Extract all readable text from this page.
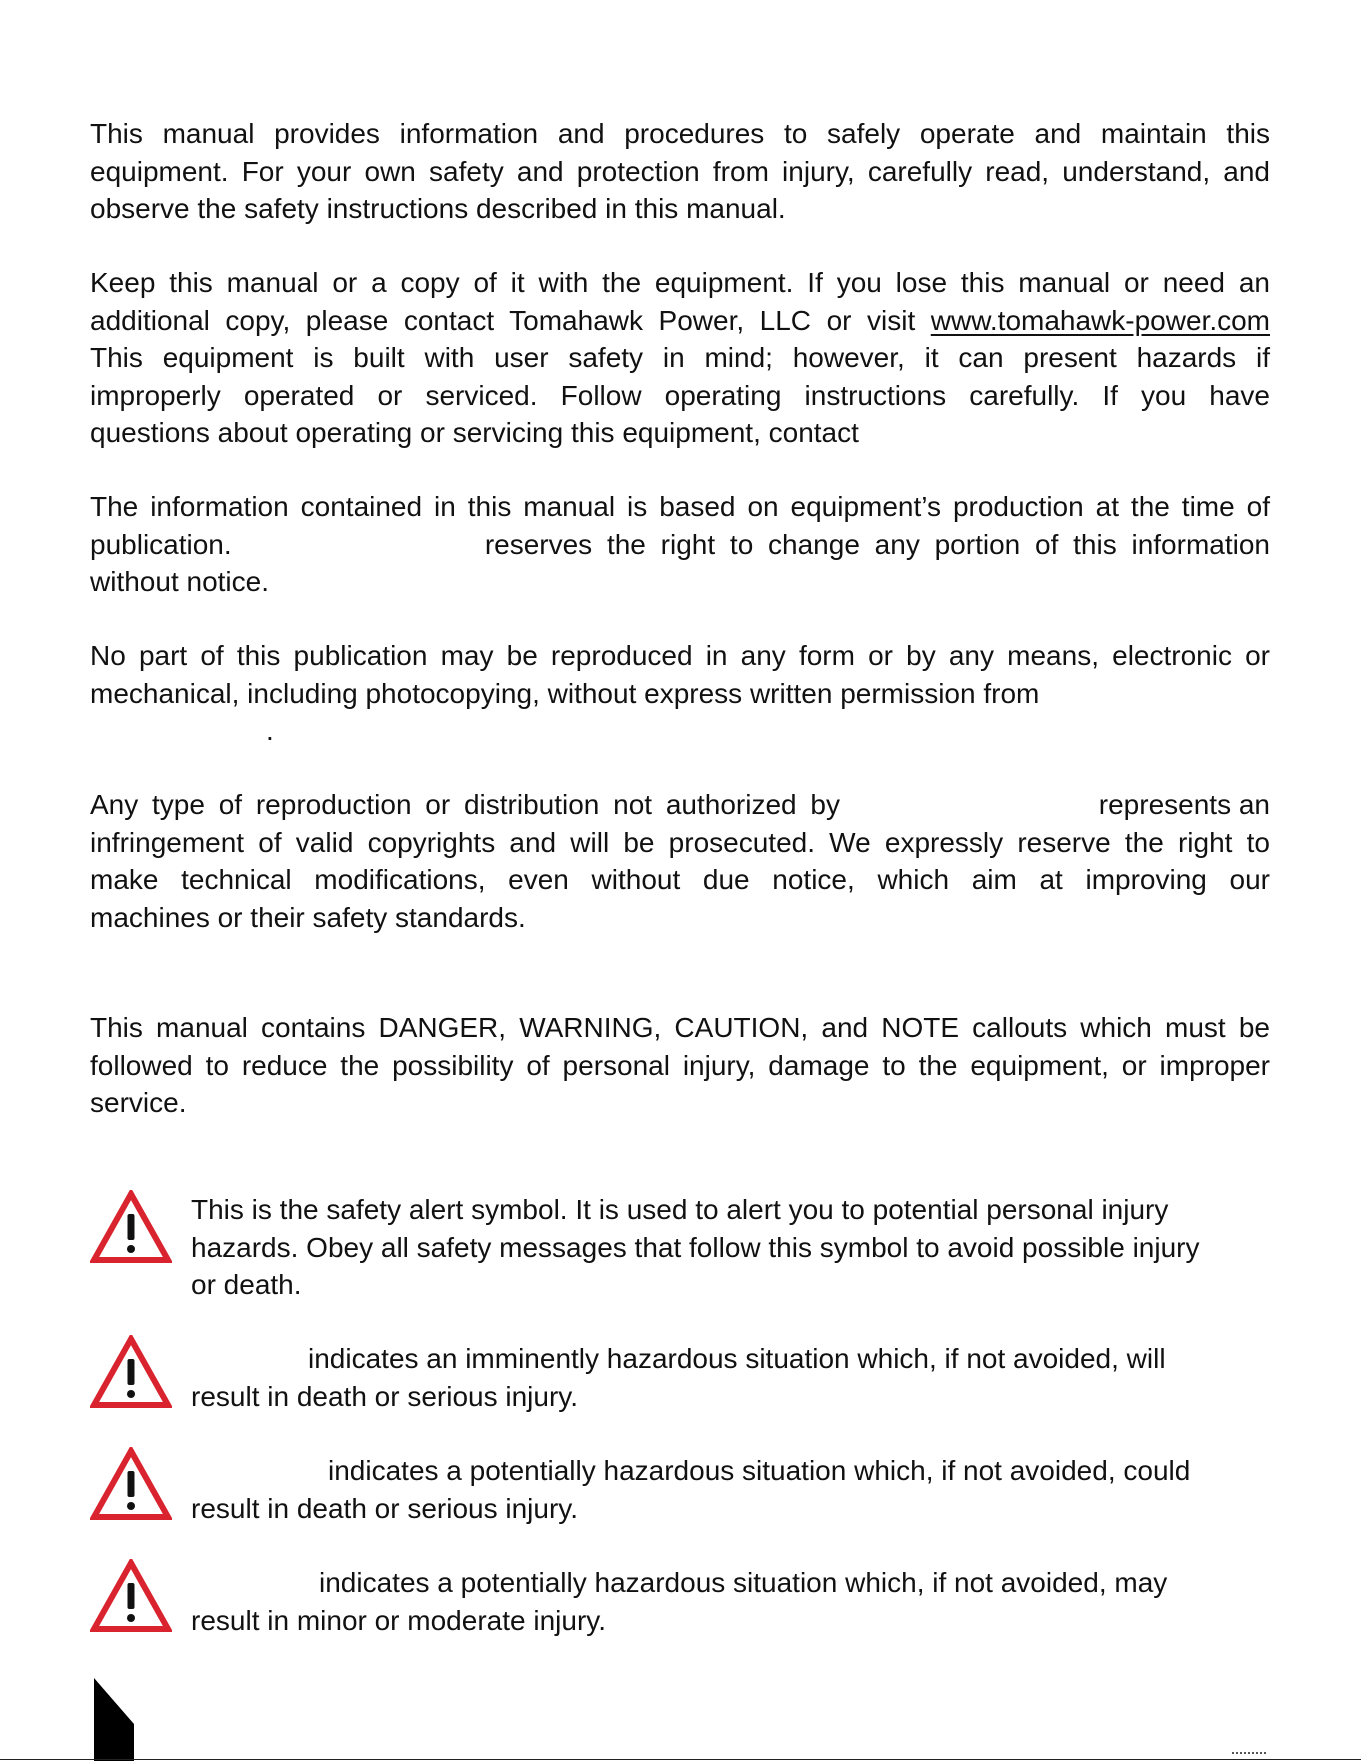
This manual provides information and procedures to safely operate and maintain this
equipment. For your own safety and protection from injury, carefully read, understand, and
observe the safety instructions described in this manual.
Keep this manual or a copy of it with the equipment. If you lose this manual or need an
additional copy, please contact Tomahawk Power, LLC or visit www.tomahawk-power.com
This equipment is built with user safety in mind; however, it can present hazards if
improperly operated or serviced. Follow operating instructions carefully. If you have
questions about operating or servicing this equipment, contact
The information contained in this manual is based on equipment’s production at the time of
publication.	reserves the right to change any portion of this information
without notice.
No part of this publication may be reproduced in any form or by any means, electronic or
mechanical, including photocopying, without express written permission from
.
Any type of reproduction or distribution not authorized by	represents an
infringement of valid copyrights and will be prosecuted. We expressly reserve the right to
make technical modifications, even without due notice, which aim at improving our
machines or their safety standards.
This manual contains DANGER, WARNING, CAUTION, and NOTE callouts which must be
followed to reduce the possibility of personal injury, damage to the equipment, or improper
service.
This is the safety alert symbol. It is used to alert you to potential personal injury
hazards. Obey all safety messages that follow this symbol to avoid possible injury
or death.
indicates an imminently hazardous situation which, if not avoided, will
result in death or serious injury.
indicates a potentially hazardous situation which, if not avoided, could
result in death or serious injury.
indicates a potentially hazardous situation which, if not avoided, may
result in minor or moderate injury.
